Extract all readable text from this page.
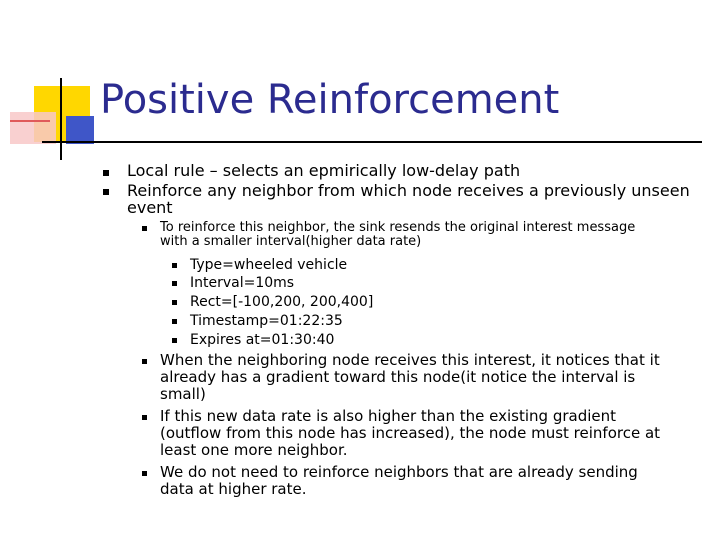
Positive Reinforcement
Local rule – selects an epmirically low-delay path
Reinforce any neighbor from which node receives a previously unseen
event
To reinforce this neighbor, the sink resends the original interest message
with a smaller interval(higher data rate)
Type=wheeled vehicle
Interval=10ms
Rect=[-100,200, 200,400]
Timestamp=01:22:35
Expires at=01:30:40
When the neighboring node receives this interest, it notices that it
already has a gradient toward this node(it notice the interval is
small)
If this new data rate is also higher than the existing gradient
(outflow from this node has increased), the node must reinforce at
least one more neighbor.
We do not need to reinforce neighbors that are already sending
data at higher rate.
